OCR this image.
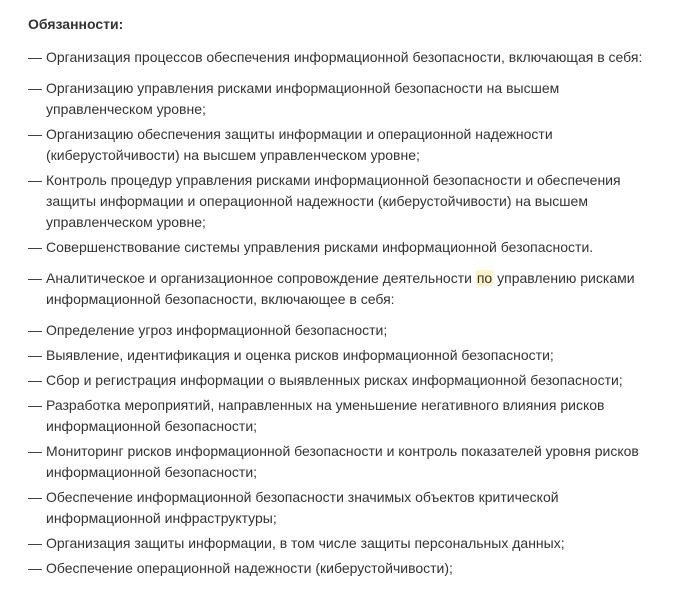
Обязанности:
— Организация процессов обеспечения информационной безопасности, включающая в себя:
— Организацию управления рисками информационной безопасности на высшем управленческом уровне;
— Организацию обеспечения защиты информации и операционной надежности (киберустойчивости) на высшем управленческом уровне;
— Контроль процедур управления рисками информационной безопасности и обеспечения защиты информации и операционной надежности (киберустойчивости) на высшем управленческом уровне;
— Совершенствование системы управления рисками информационной безопасности.
— Аналитическое и организационное сопровождение деятельности по управлению рисками информационной безопасности, включающее в себя:
— Определение угроз информационной безопасности;
— Выявление, идентификация и оценка рисков информационной безопасности;
— Сбор и регистрация информации о выявленных рисках информационной безопасности;
— Разработка мероприятий, направленных на уменьшение негативного влияния рисков информационной безопасности;
— Мониторинг рисков информационной безопасности и контроль показателей уровня рисков информационной безопасности;
— Обеспечение информационной безопасности значимых объектов критической информационной инфраструктуры;
— Организация защиты информации, в том числе защиты персональных данных;
— Обеспечение операционной надежности (киберустойчивости);
